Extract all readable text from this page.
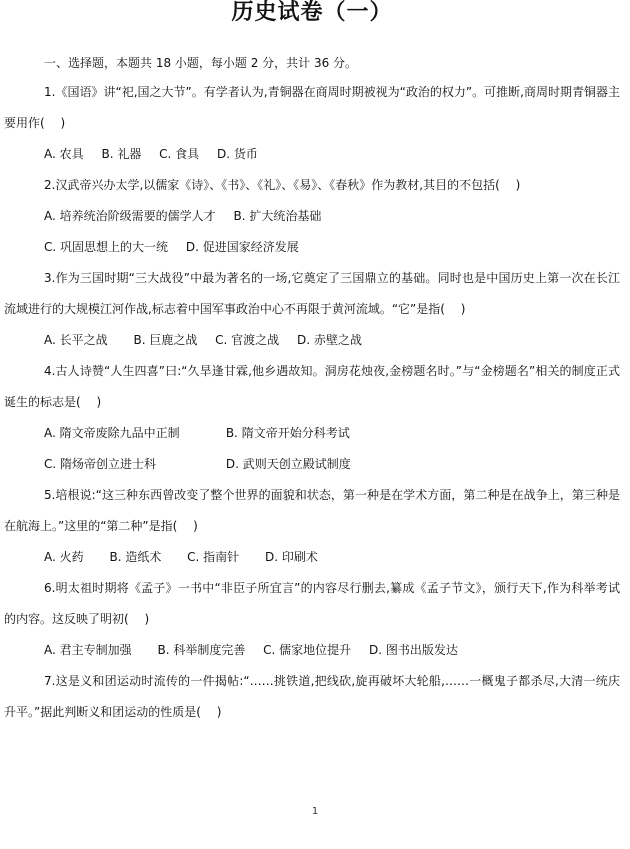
历史试卷（一）
一、选择题，本题共 18 小题，每小题 2 分，共计 36 分。

1.《国语》讲“祀,国之大节”。有学者认为,青铜器在商周时期被视为“政治的权力”。可推断,商周时期青铜器主要用作(　 )

A. 农具 B. 礼器 C. 食具 D. 货币

2.汉武帝兴办太学,以儒家《诗》、《书》、《礼》、《易》、《春秋》作为教材,其目的不包括(　 )

A. 培养统治阶级需要的儒学人才 B. 扩大统治基础
C. 巩固思想上的大一统 D. 促进国家经济发展

3.作为三国时期“三大战役”中最为著名的一场,它奠定了三国鼎立的基础。同时也是中国历史上第一次在长江流域进行的大规模江河作战,标志着中国军事政治中心不再限于黄河流域。“它”是指(　 )

A. 长平之战 B. 巨鹿之战 C. 官渡之战 D. 赤壁之战

4.古人诗赞“人生四喜”曰:“久旱逢甘霖,他乡遇故知。洞房花烛夜,金榜题名时。”与“金榜题名”相关的制度正式诞生的标志是(　 )

A. 隋文帝废除九品中正制	B. 隋文帝开始分科考试
C. 隋炀帝创立进士科	D. 武则天创立殿试制度

5.培根说:“这三种东西曾改变了整个世界的面貌和状态，第一种是在学术方面，第二种是在战争上，第三种是在航海上。”这里的“第二种”是指(　 )

A. 火药 B. 造纸术 C. 指南针 D. 印刷术

6.明太祖时期将《孟子》一书中“非臣子所宜言”的内容尽行删去,纂成《孟子节文》，颁行天下,作为科举考试的内容。这反映了明初(　 )

A. 君主专制加强 B. 科举制度完善 C. 儒家地位提升 D. 图书出版发达

7.这是义和团运动时流传的一件揭帖:“……挑铁道,把线砍,旋再破坏大轮船,……一概鬼子都杀尽,大清一统庆升平。”据此判断义和团运动的性质是(　 )

1
